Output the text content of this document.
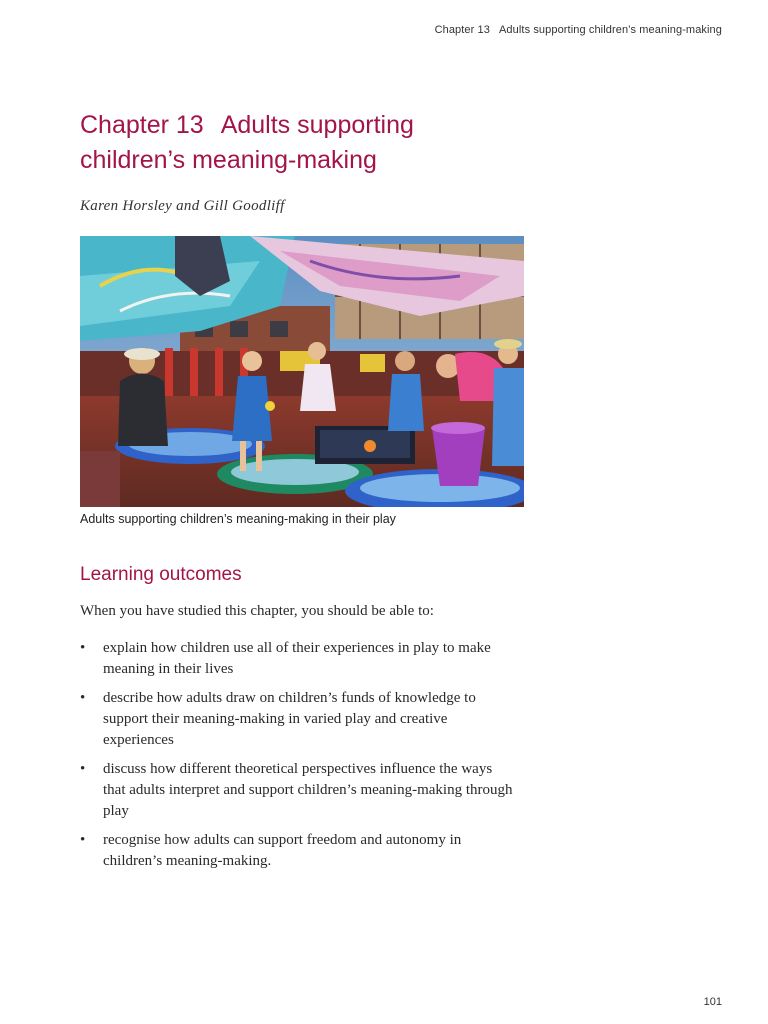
Chapter 13 Adults supporting children’s meaning-making
Chapter 13 Adults supporting
children’s meaning-making
Karen Horsley and Gill Goodliff
Adults supporting children’s meaning-making in their play
Learning outcomes
When you have studied this chapter, you should be able to:
• explain how children use all of their experiences in play to make
meaning in their lives
• describe how adults draw on children’s funds of knowledge to
support their meaning-making in varied play and creative
experiences
• discuss how different theoretical perspectives influence the ways
that adults interpret and support children’s meaning-making through
play
• recognise how adults can support freedom and autonomy in
children’s meaning-making.
101
